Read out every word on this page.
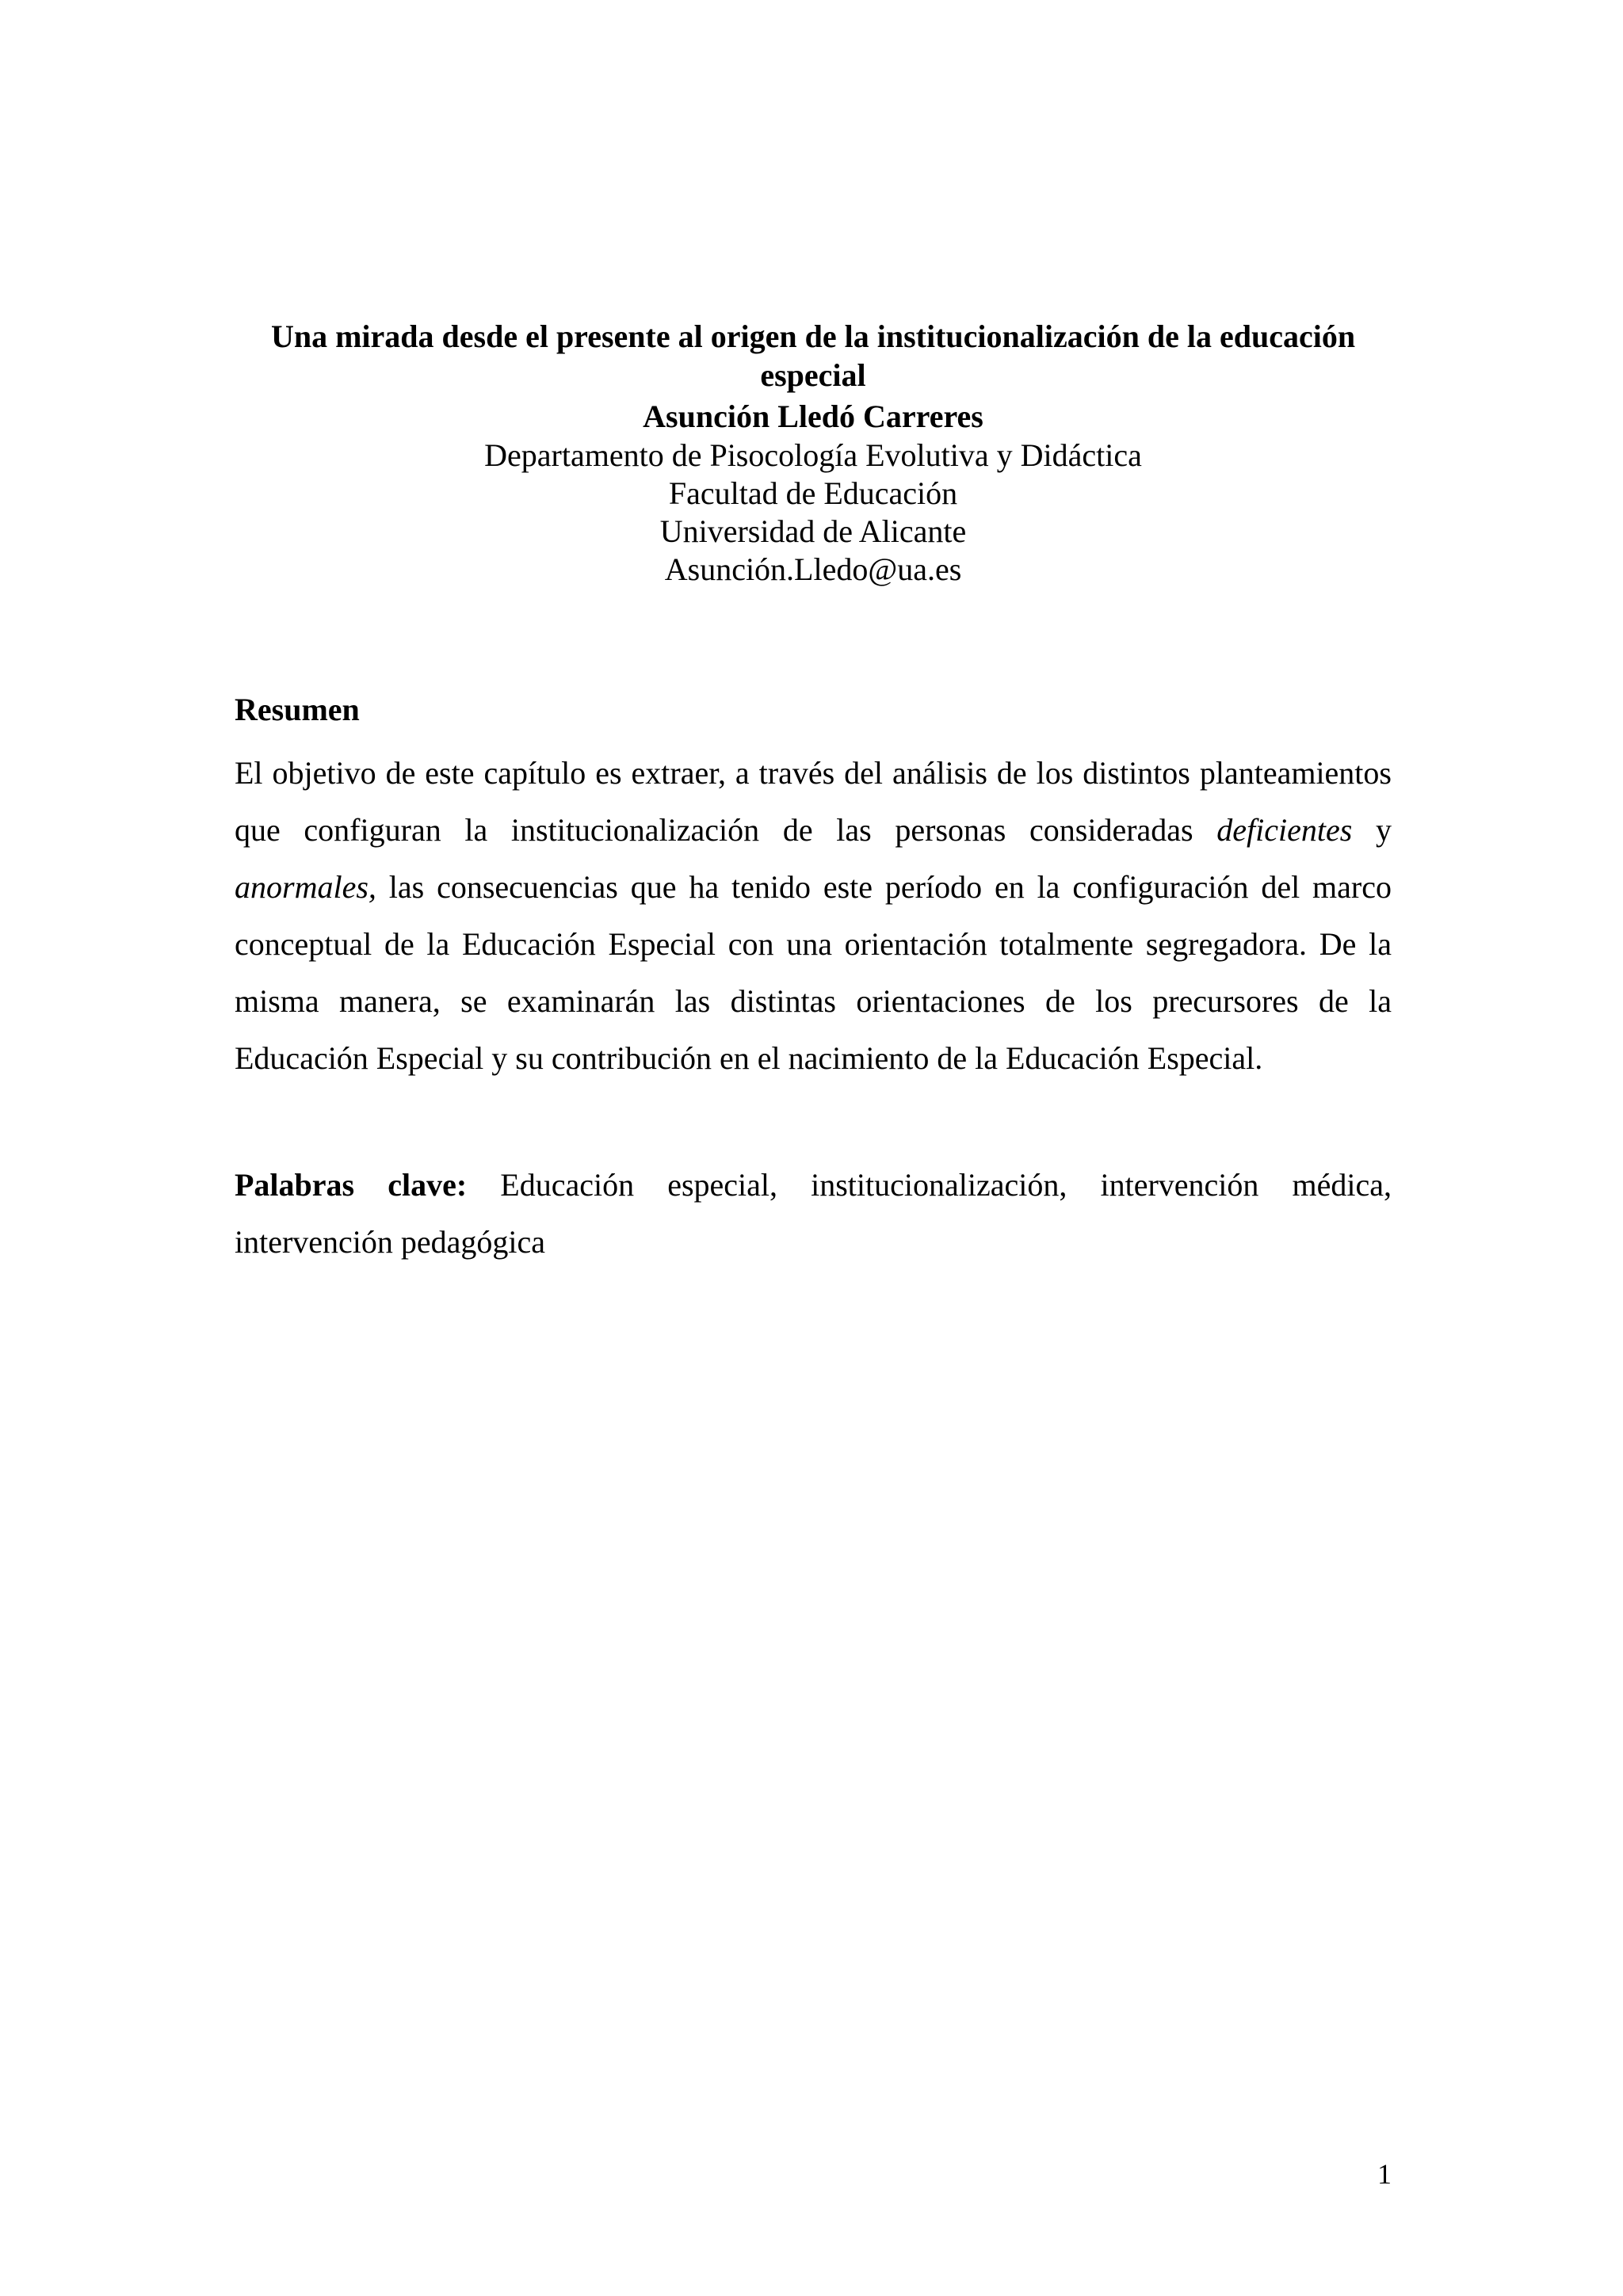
Una mirada desde el presente al origen de la institucionalización de la educación
especial

Asunción Lledó Carreres

Departamento de Pisocología Evolutiva y Didáctica

Facultad de Educación

Universidad de Alicante

Asunción.Lledo@ua.es

Resumen

El objetivo de este capítulo es extraer, a través del análisis de los distintos planteamientos que configuran la institucionalización de las personas consideradas deficientes y anormales, las consecuencias que ha tenido este período en la configuración del marco conceptual de la Educación Especial con una orientación totalmente segregadora. De la misma manera, se examinarán las distintas orientaciones de los precursores de la Educación Especial y su contribución en el nacimiento de la Educación Especial.

Palabras clave: Educación especial, institucionalización, intervención médica, intervención pedagógica

1
